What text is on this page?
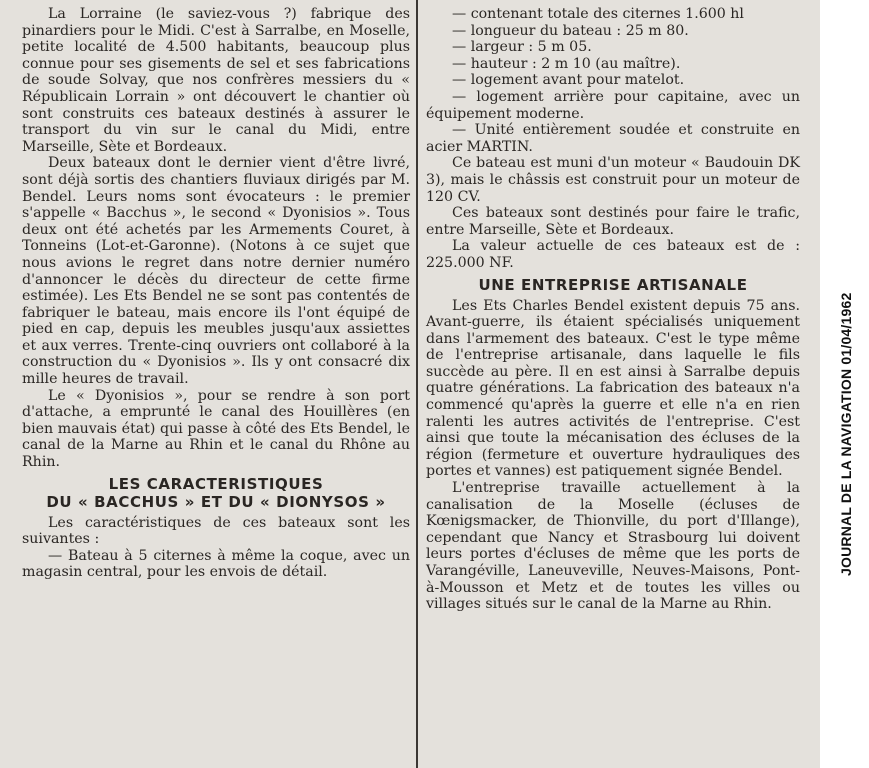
La Lorraine (le saviez-vous ?) fabrique des pinardiers pour le Midi. C'est à Sarralbe, en Moselle, petite localité de 4.500 habitants, beaucoup plus connue pour ses gisements de sel et ses fabrications de soude Solvay, que nos confrères messiers du « Républicain Lorrain » ont découvert le chantier où sont construits ces bateaux destinés à assurer le transport du vin sur le canal du Midi, entre Marseille, Sète et Bordeaux.

Deux bateaux dont le dernier vient d'être livré, sont déjà sortis des chantiers fluviaux dirigés par M. Bendel. Leurs noms sont évocateurs : le premier s'appelle « Bacchus », le second « Dyonisios ». Tous deux ont été achetés par les Armements Couret, à Tonneins (Lot-et-Garonne). (Notons à ce sujet que nous avions le regret dans notre dernier numéro d'annoncer le décès du directeur de cette firme estimée). Les Ets Bendel ne se sont pas contentés de fabriquer le bateau, mais encore ils l'ont équipé de pied en cap, depuis les meubles jusqu'aux assiettes et aux verres. Trente-cinq ouvriers ont collaboré à la construction du « Dyonisios ». Ils y ont consacré dix mille heures de travail.

Le « Dyonisios », pour se rendre à son port d'attache, a emprunté le canal des Houillères (en bien mauvais état) qui passe à côté des Ets Bendel, le canal de la Marne au Rhin et le canal du Rhône au Rhin.

LES CARACTERISTIQUES
DU « BACCHUS » ET DU « DIONYSOS »

Les caractéristiques de ces bateaux sont les suivantes :

— Bateau à 5 citernes à même la coque, avec un magasin central, pour les envois de détail.

— contenant totale des citernes 1.600 hl

— longueur du bateau : 25 m 80.

— largeur : 5 m 05.

— hauteur : 2 m 10 (au maître).

— logement avant pour matelot.

— logement arrière pour capitaine, avec un équipement moderne.

— Unité entièrement soudée et construite en acier MARTIN.

Ce bateau est muni d'un moteur « Baudouin DK 3), mais le châssis est construit pour un moteur de 120 CV.

Ces bateaux sont destinés pour faire le trafic, entre Marseille, Sète et Bordeaux.

La valeur actuelle de ces bateaux est de : 225.000 NF.

UNE ENTREPRISE ARTISANALE

Les Ets Charles Bendel existent depuis 75 ans. Avant-guerre, ils étaient spécialisés uniquement dans l'armement des bateaux. C'est le type même de l'entreprise artisanale, dans laquelle le fils succède au père. Il en est ainsi à Sarralbe depuis quatre générations. La fabrication des bateaux n'a commencé qu'après la guerre et elle n'a en rien ralenti les autres activités de l'entreprise. C'est ainsi que toute la mécanisation des écluses de la région (fermeture et ouverture hydrauliques des portes et vannes) est patiquement signée Bendel.

L'entreprise travaille actuellement à la canalisation de la Moselle (écluses de Kœnigsmacker, de Thionville, du port d'Illange), cependant que Nancy et Strasbourg lui doivent leurs portes d'écluses de même que les ports de Varangéville, Laneuveville, Neuves-Maisons, Pont-à-Mousson et Metz et de toutes les villes ou villages situés sur le canal de la Marne au Rhin.

JOURNAL DE LA NAVIGATION 01/04/1962
